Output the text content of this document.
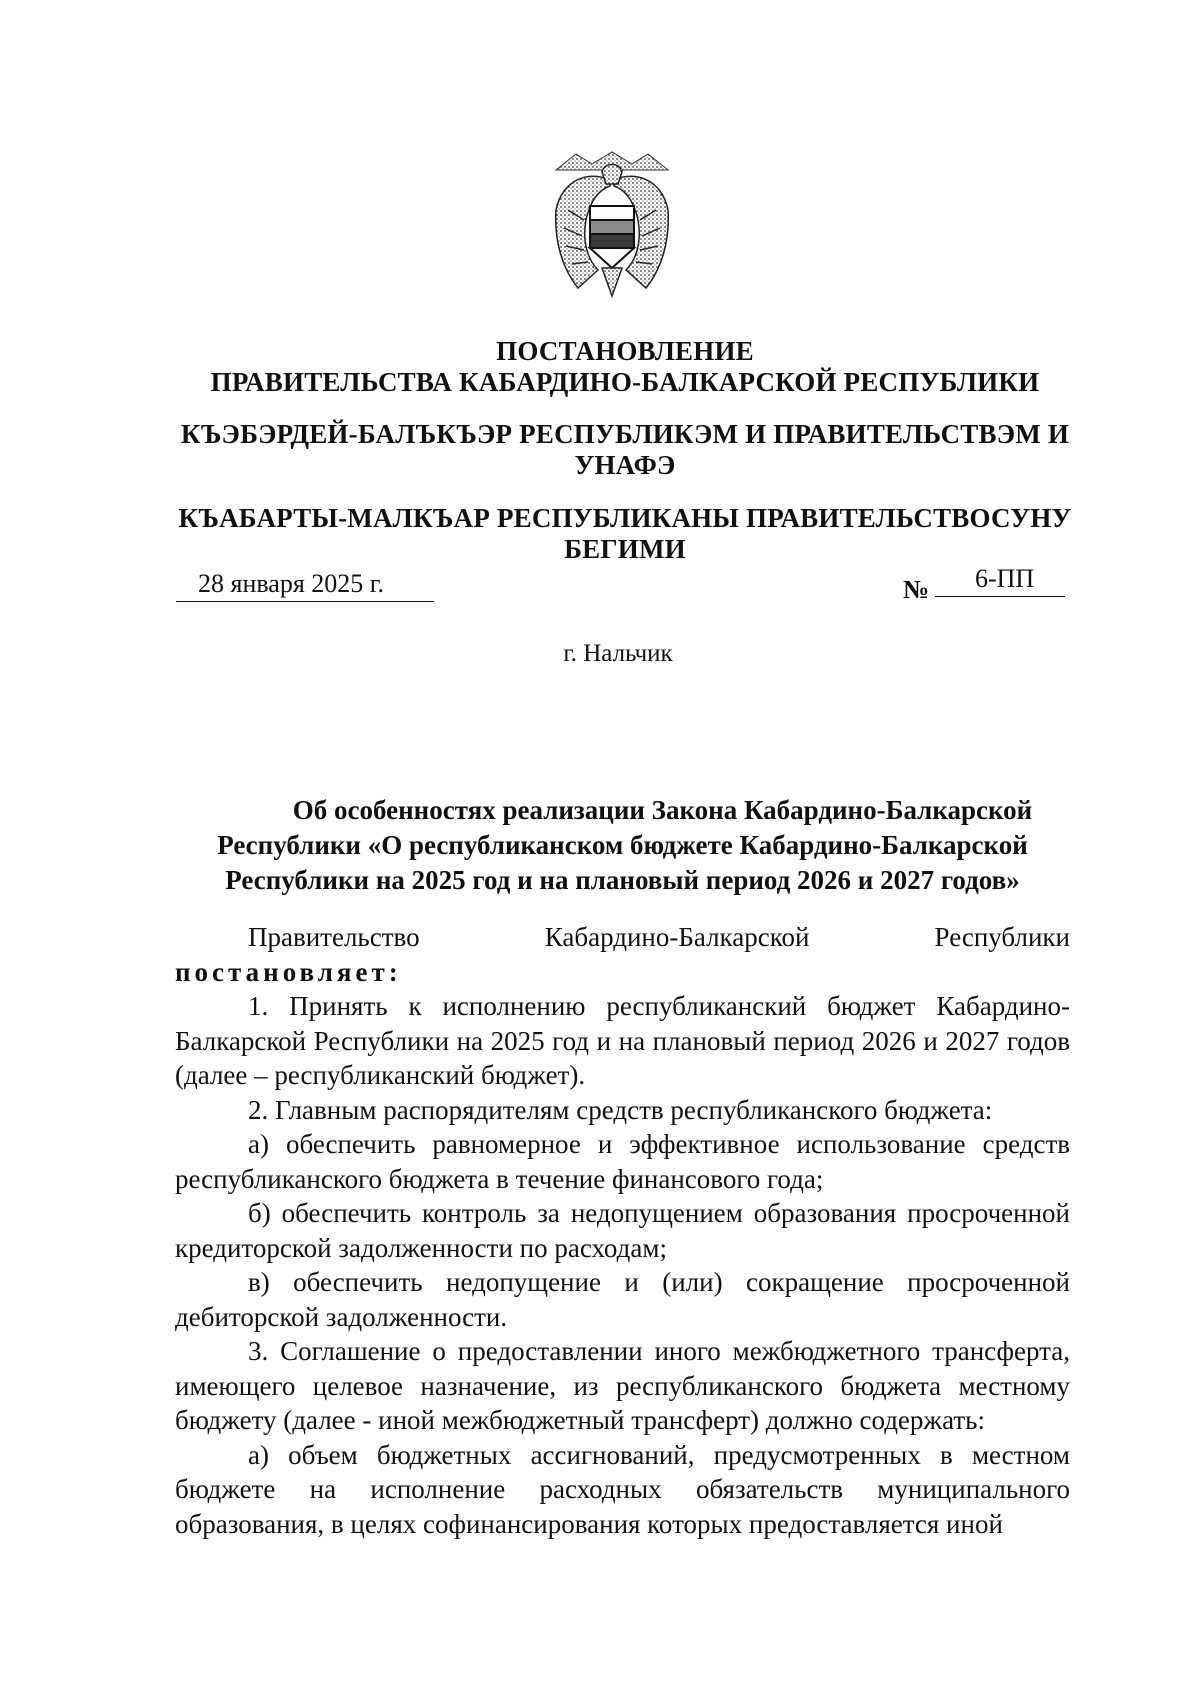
ПОСТАНОВЛЕНИЕ
ПРАВИТЕЛЬСТВА КАБАРДИНО-БАЛКАРСКОЙ РЕСПУБЛИКИ
КЪЭБЭРДЕЙ-БАЛЪКЪЭР РЕСПУБЛИКЭМ И ПРАВИТЕЛЬСТВЭМ И
УНАФЭ
КЪАБАРТЫ-МАЛКЪАР РЕСПУБЛИКАНЫ ПРАВИТЕЛЬСТВОСУНУ
БЕГИМИ
28 января 2025 г.	№	6-ПП
г. Нальчик
Об особенностях реализации Закона Кабардино-Балкарской
Республики «О республиканском бюджете Кабардино-Балкарской
Республики на 2025 год и на плановый период 2026 и 2027 годов»
Правительство	Кабардино-Балкарской	Республики
постановляет:

1. Принять к исполнению республиканский бюджет Кабардино-Балкарской Республики на 2025 год и на плановый период 2026 и 2027 годов (далее – республиканский бюджет).

2. Главным распорядителям средств республиканского бюджета:

а) обеспечить равномерное и эффективное использование средств республиканского бюджета в течение финансового года;

б) обеспечить контроль за недопущением образования просроченной кредиторской задолженности по расходам;

в) обеспечить недопущение и (или) сокращение просроченной дебиторской задолженности.

3. Соглашение о предоставлении иного межбюджетного трансферта, имеющего целевое назначение, из республиканского бюджета местному бюджету (далее - иной межбюджетный трансферт) должно содержать:

а) объем бюджетных ассигнований, предусмотренных в местном бюджете на исполнение расходных обязательств муниципального образования, в целях софинансирования которых предоставляется иной
